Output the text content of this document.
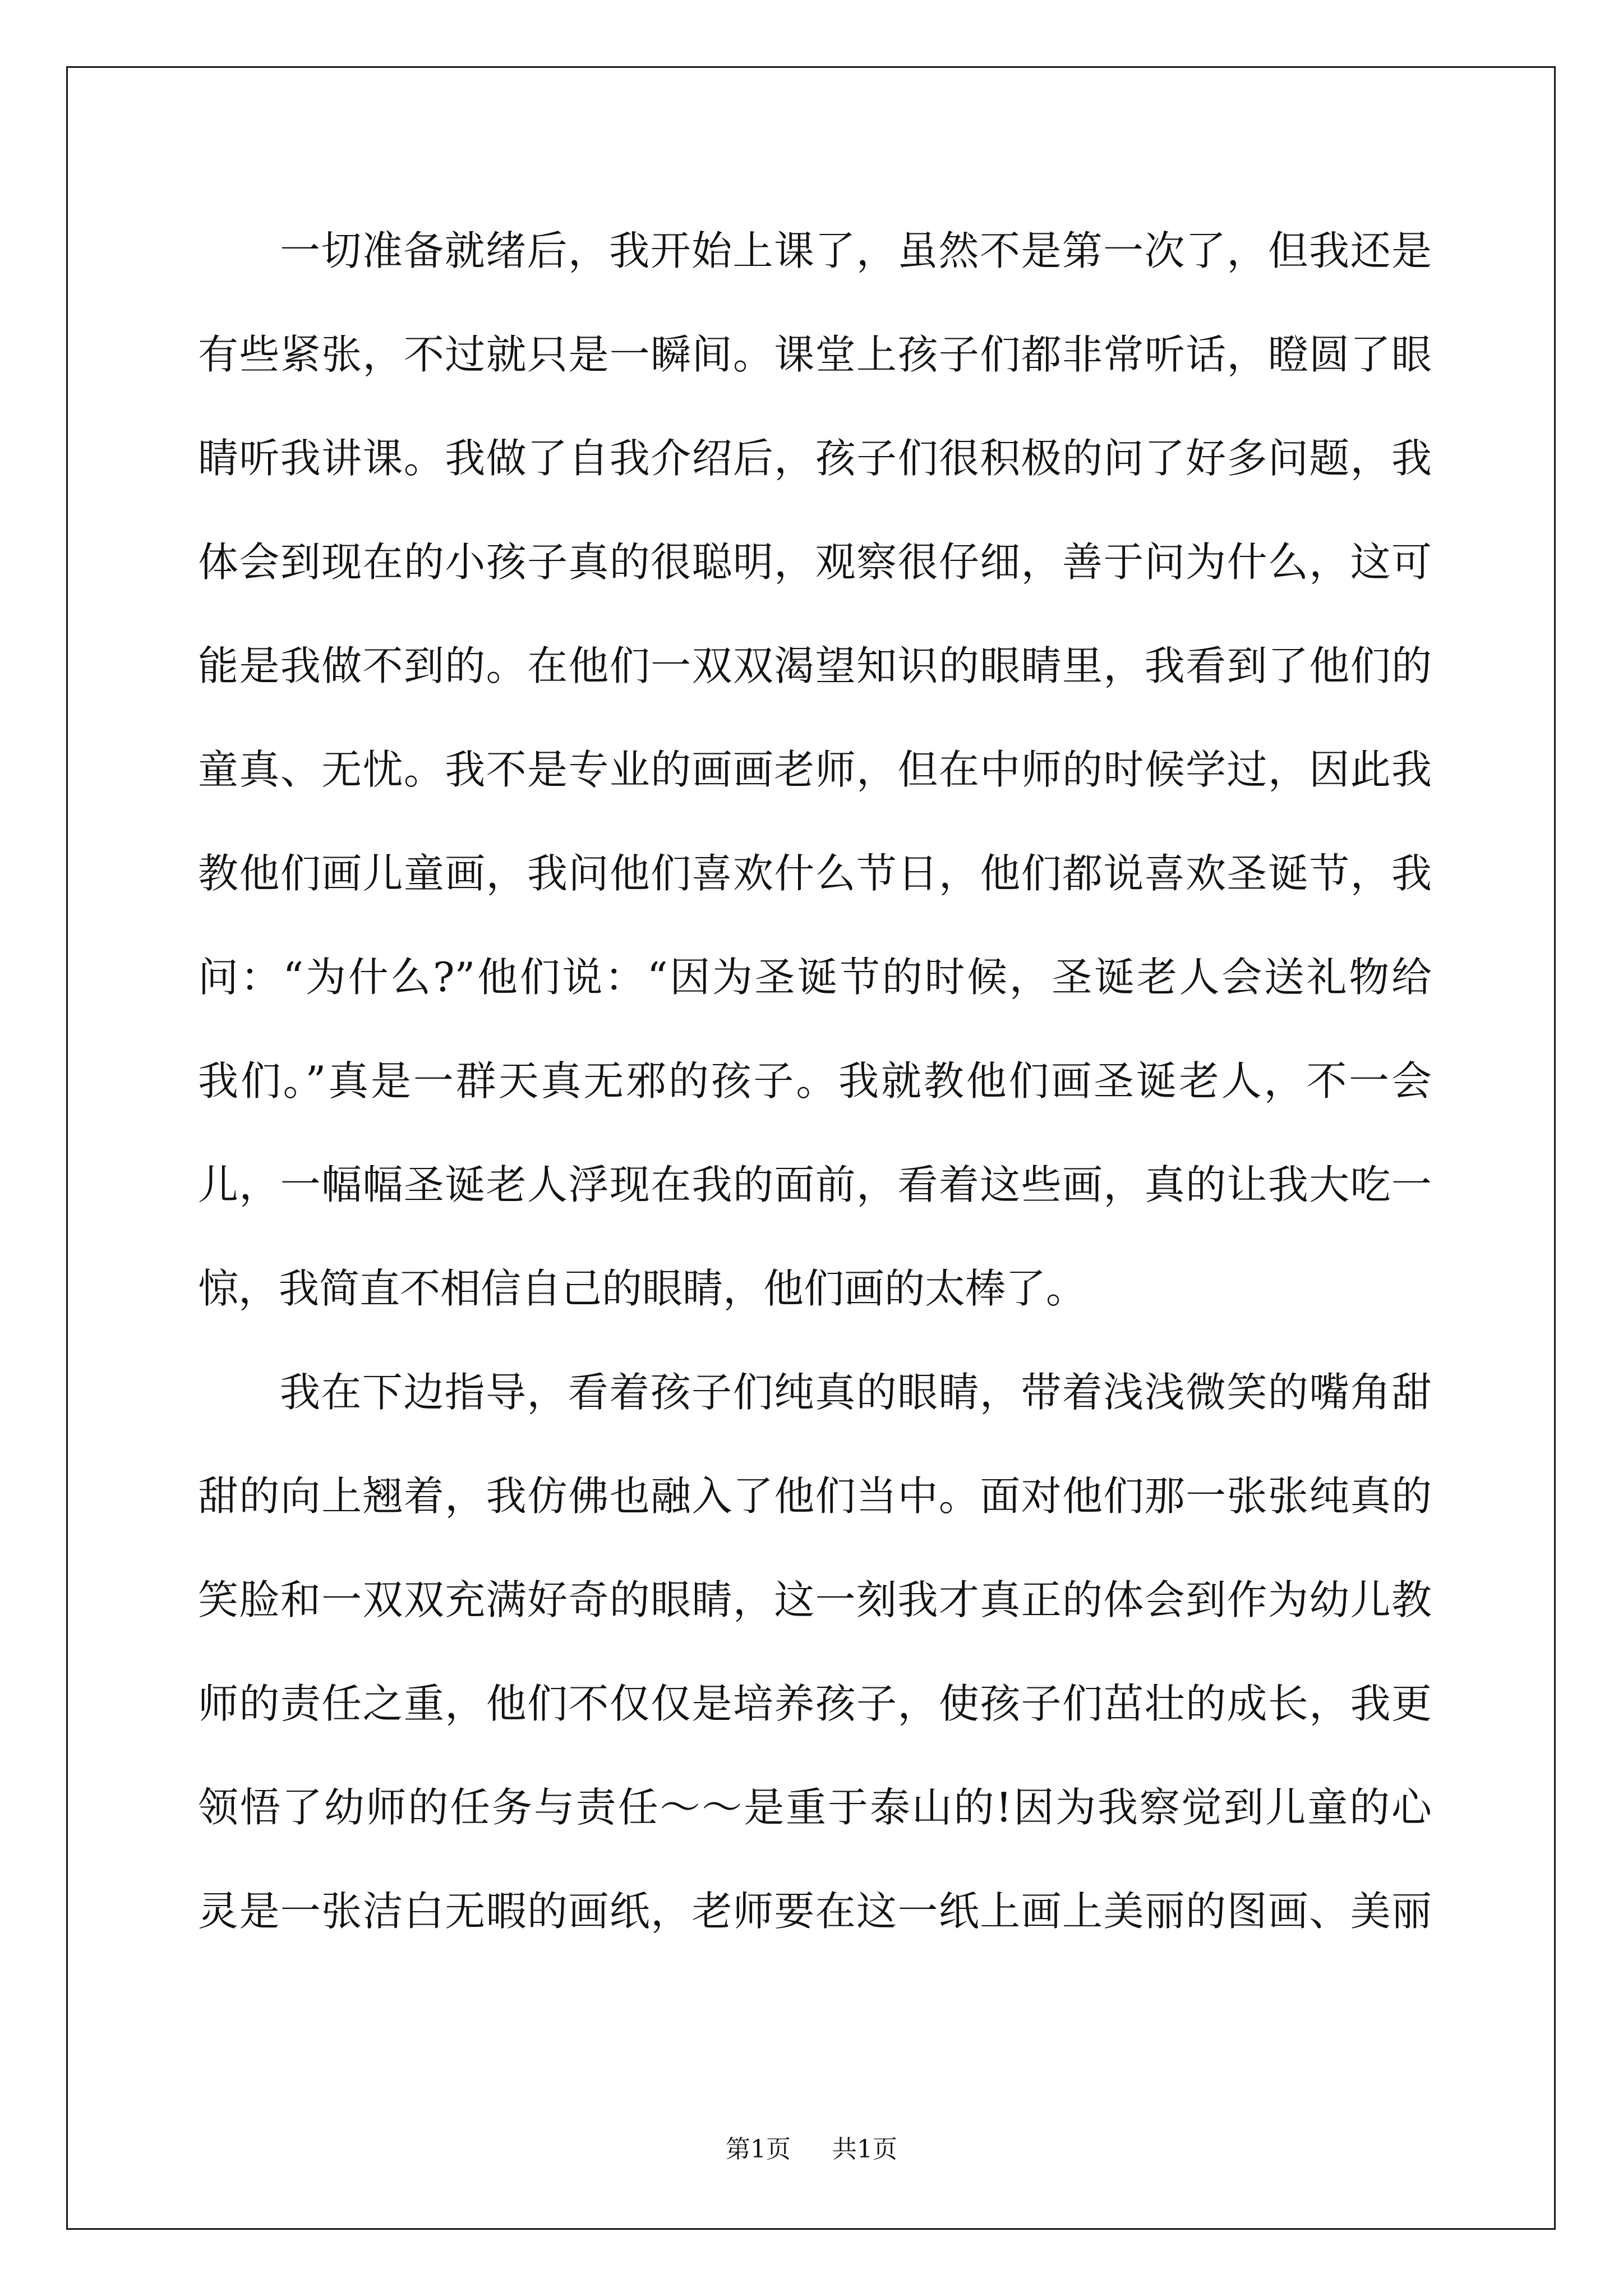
一切准备就绪后，我开始上课了，虽然不是第一次了，但我还是
有些紧张，不过就只是一瞬间。课堂上孩子们都非常听话，瞪圆了眼
睛听我讲课。我做了自我介绍后，孩子们很积极的问了好多问题，我
体会到现在的小孩子真的很聪明，观察很仔细，善于问为什么，这可
能是我做不到的。在他们一双双渴望知识的眼睛里，我看到了他们的
童真、无忧。我不是专业的画画老师，但在中师的时候学过，因此我
教他们画儿童画，我问他们喜欢什么节日，他们都说喜欢圣诞节，我
问：“为什么?”他们说：“因为圣诞节的时候，圣诞老人会送礼物给
我们。”真是一群天真无邪的孩子。我就教他们画圣诞老人，不一会
儿，一幅幅圣诞老人浮现在我的面前，看着这些画，真的让我大吃一
惊，我简直不相信自己的眼睛，他们画的太棒了。
我在下边指导，看着孩子们纯真的眼睛，带着浅浅微笑的嘴角甜
甜的向上翘着，我仿佛也融入了他们当中。面对他们那一张张纯真的
笑脸和一双双充满好奇的眼睛，这一刻我才真正的体会到作为幼儿教
师的责任之重，他们不仅仅是培养孩子，使孩子们茁壮的成长，我更
领悟了幼师的任务与责任～～是重于泰山的!因为我察觉到儿童的心
灵是一张洁白无暇的画纸，老师要在这一纸上画上美丽的图画、美丽
第1页 共1页
